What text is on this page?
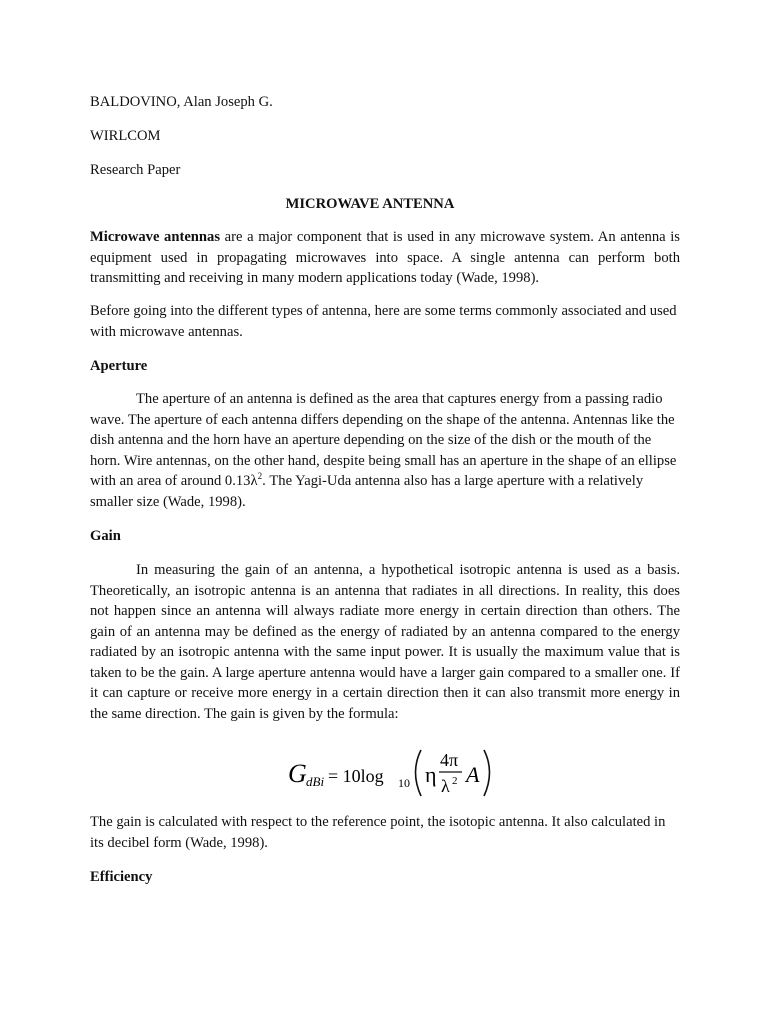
BALDOVINO, Alan Joseph G.

WIRLCOM

Research Paper

MICROWAVE ANTENNA

Microwave antennas are a major component that is used in any microwave system. An antenna is equipment used in propagating microwaves into space. A single antenna can perform both transmitting and receiving in many modern applications today (Wade, 1998).

Before going into the different types of antenna, here are some terms commonly associated and used with microwave antennas.

Aperture

The aperture of an antenna is defined as the area that captures energy from a passing radio wave. The aperture of each antenna differs depending on the shape of the antenna. Antennas like the dish antenna and the horn have an aperture depending on the size of the dish or the mouth of the horn. Wire antennas, on the other hand, despite being small has an aperture in the shape of an ellipse with an area of around $0.13\lambda^2$. The Yagi-Uda antenna also has a large aperture with a relatively smaller size (Wade, 1998).

Gain

In measuring the gain of an antenna, a hypothetical isotropic antenna is used as a basis. Theoretically, an isotropic antenna is an antenna that radiates in all directions. In reality, this does not happen since an antenna will always radiate more energy in certain direction than others. The gain of an antenna may be defined as the energy of radiated by an antenna compared to the energy radiated by an isotropic antenna with the same input power. It is usually the maximum value that is taken to be the gain. A large aperture antenna would have a larger gain compared to a smaller one. If it can capture or receive more energy in a certain direction then it can also transmit more energy in the same direction. The gain is given by the formula:

G dBi = 10log 10 η
4π
λ 2 A

The gain is calculated with respect to the reference point, the isotopic antenna. It also calculated in its decibel form (Wade, 1998).

Efficiency
